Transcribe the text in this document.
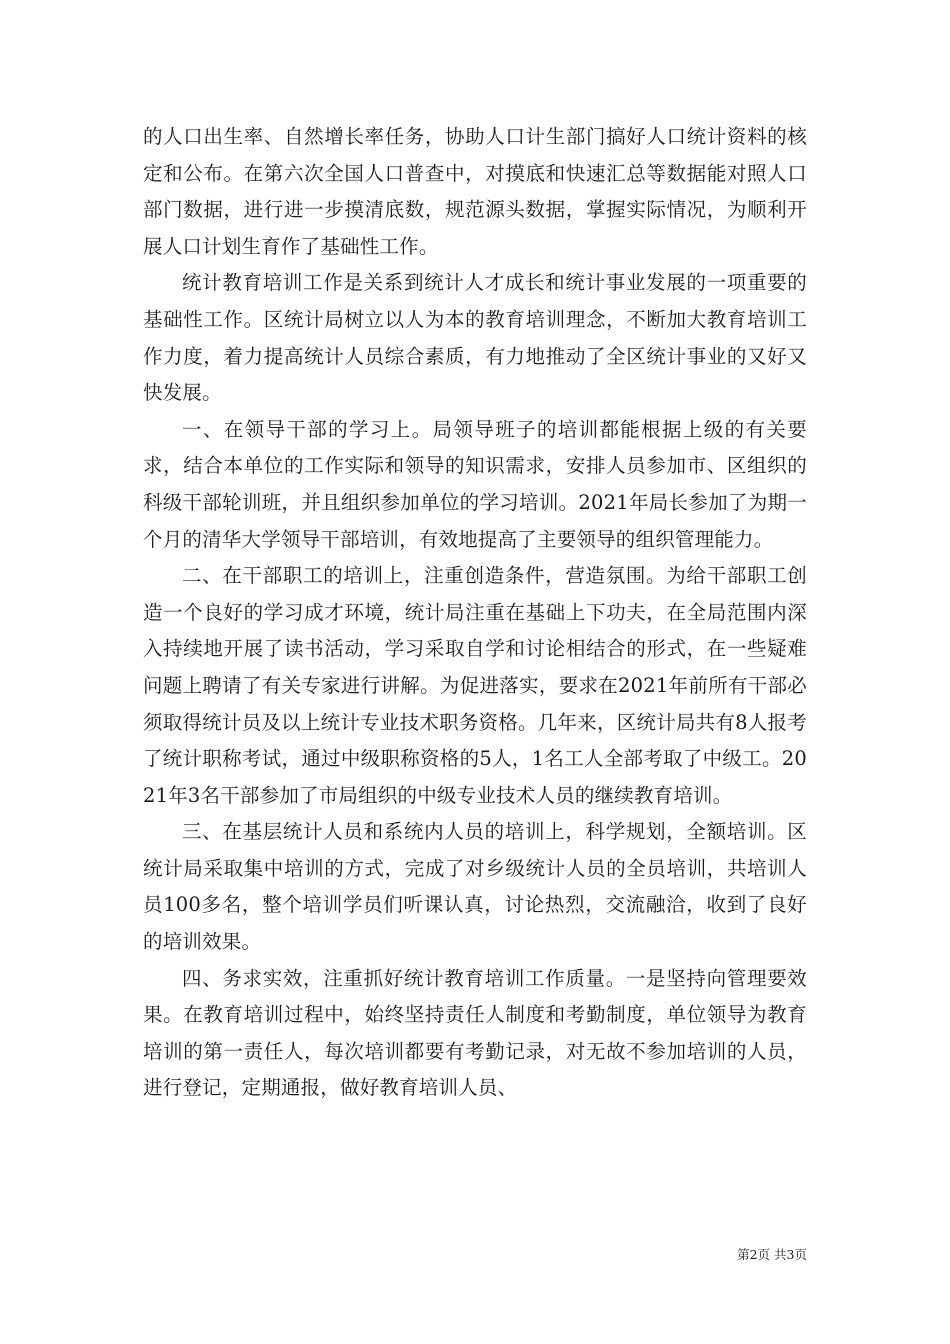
的人口出生率、自然增长率任务，协助人口计生部门搞好人口统计资料的核定和公布。在第六次全国人口普查中，对摸底和快速汇总等数据能对照人口部门数据，进行进一步摸清底数，规范源头数据，掌握实际情况，为顺利开展人口计划生育作了基础性工作。

统计教育培训工作是关系到统计人才成长和统计事业发展的一项重要的基础性工作。区统计局树立以人为本的教育培训理念，不断加大教育培训工作力度，着力提高统计人员综合素质，有力地推动了全区统计事业的又好又快发展。

一、在领导干部的学习上。局领导班子的培训都能根据上级的有关要求，结合本单位的工作实际和领导的知识需求，安排人员参加市、区组织的科级干部轮训班，并且组织参加单位的学习培训。2021年局长参加了为期一个月的清华大学领导干部培训，有效地提高了主要领导的组织管理能力。

二、在干部职工的培训上，注重创造条件，营造氛围。为给干部职工创造一个良好的学习成才环境，统计局注重在基础上下功夫，在全局范围内深入持续地开展了读书活动，学习采取自学和讨论相结合的形式，在一些疑难问题上聘请了有关专家进行讲解。为促进落实，要求在2021年前所有干部必须取得统计员及以上统计专业技术职务资格。几年来，区统计局共有8人报考了统计职称考试，通过中级职称资格的5人，1名工人全部考取了中级工。2021年3名干部参加了市局组织的中级专业技术人员的继续教育培训。

三、在基层统计人员和系统内人员的培训上，科学规划，全额培训。区统计局采取集中培训的方式，完成了对乡级统计人员的全员培训，共培训人员100多名，整个培训学员们听课认真，讨论热烈，交流融洽，收到了良好的培训效果。

四、务求实效，注重抓好统计教育培训工作质量。一是坚持向管理要效果。在教育培训过程中，始终坚持责任人制度和考勤制度，单位领导为教育培训的第一责任人，每次培训都要有考勤记录，对无故不参加培训的人员，进行登记，定期通报，做好教育培训人员、

第2页 共3页
